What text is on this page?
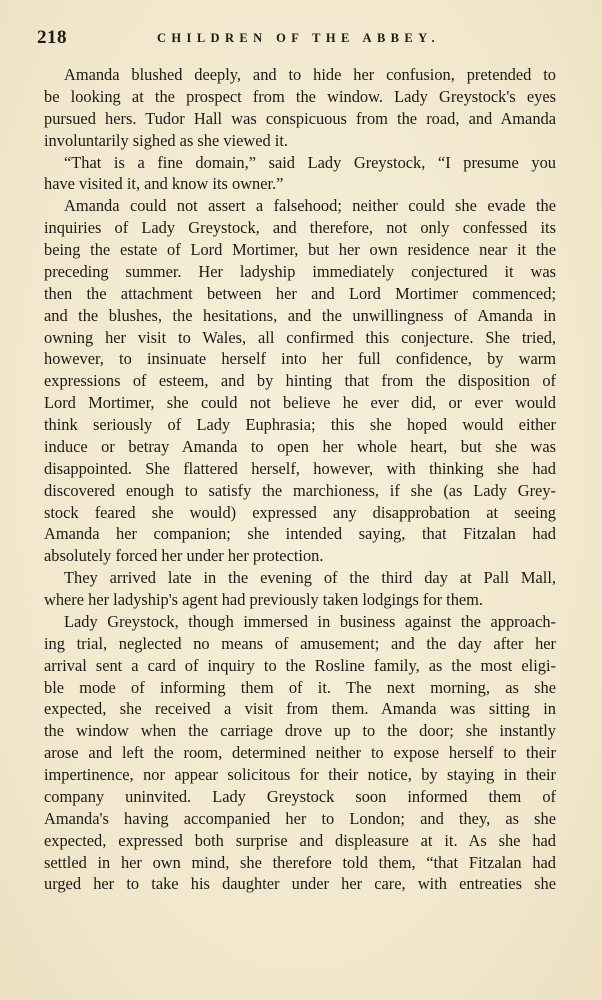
218	CHILDREN OF THE ABBEY.
Amanda blushed deeply, and to hide her confusion, pretended to
be looking at the prospect from the window. Lady Greystock's eyes
pursued hers. Tudor Hall was conspicuous from the road, and Amanda
involuntarily sighed as she viewed it.
“That is a fine domain,” said Lady Greystock, “I presume you
have visited it, and know its owner.”
Amanda could not assert a falsehood; neither could she evade the
inquiries of Lady Greystock, and therefore, not only confessed its
being the estate of Lord Mortimer, but her own residence near it the
preceding summer. Her ladyship immediately conjectured it was
then the attachment between her and Lord Mortimer commenced;
and the blushes, the hesitations, and the unwillingness of Amanda in
owning her visit to Wales, all confirmed this conjecture. She tried,
however, to insinuate herself into her full confidence, by warm
expressions of esteem, and by hinting that from the disposition of
Lord Mortimer, she could not believe he ever did, or ever would
think seriously of Lady Euphrasia; this she hoped would either
induce or betray Amanda to open her whole heart, but she was
disappointed. She flattered herself, however, with thinking she had
discovered enough to satisfy the marchioness, if she (as Lady Grey-
stock feared she would) expressed any disapprobation at seeing
Amanda her companion; she intended saying, that Fitzalan had
absolutely forced her under her protection.
They arrived late in the evening of the third day at Pall Mall,
where her ladyship's agent had previously taken lodgings for them.
Lady Greystock, though immersed in business against the approach-
ing trial, neglected no means of amusement; and the day after her
arrival sent a card of inquiry to the Rosline family, as the most eligi-
ble mode of informing them of it. The next morning, as she
expected, she received a visit from them. Amanda was sitting in
the window when the carriage drove up to the door; she instantly
arose and left the room, determined neither to expose herself to their
impertinence, nor appear solicitous for their notice, by staying in their
company uninvited. Lady Greystock soon informed them of
Amanda's having accompanied her to London; and they, as she
expected, expressed both surprise and displeasure at it. As she had
settled in her own mind, she therefore told them, “that Fitzalan had
urged her to take his daughter under her care, with entreaties she
